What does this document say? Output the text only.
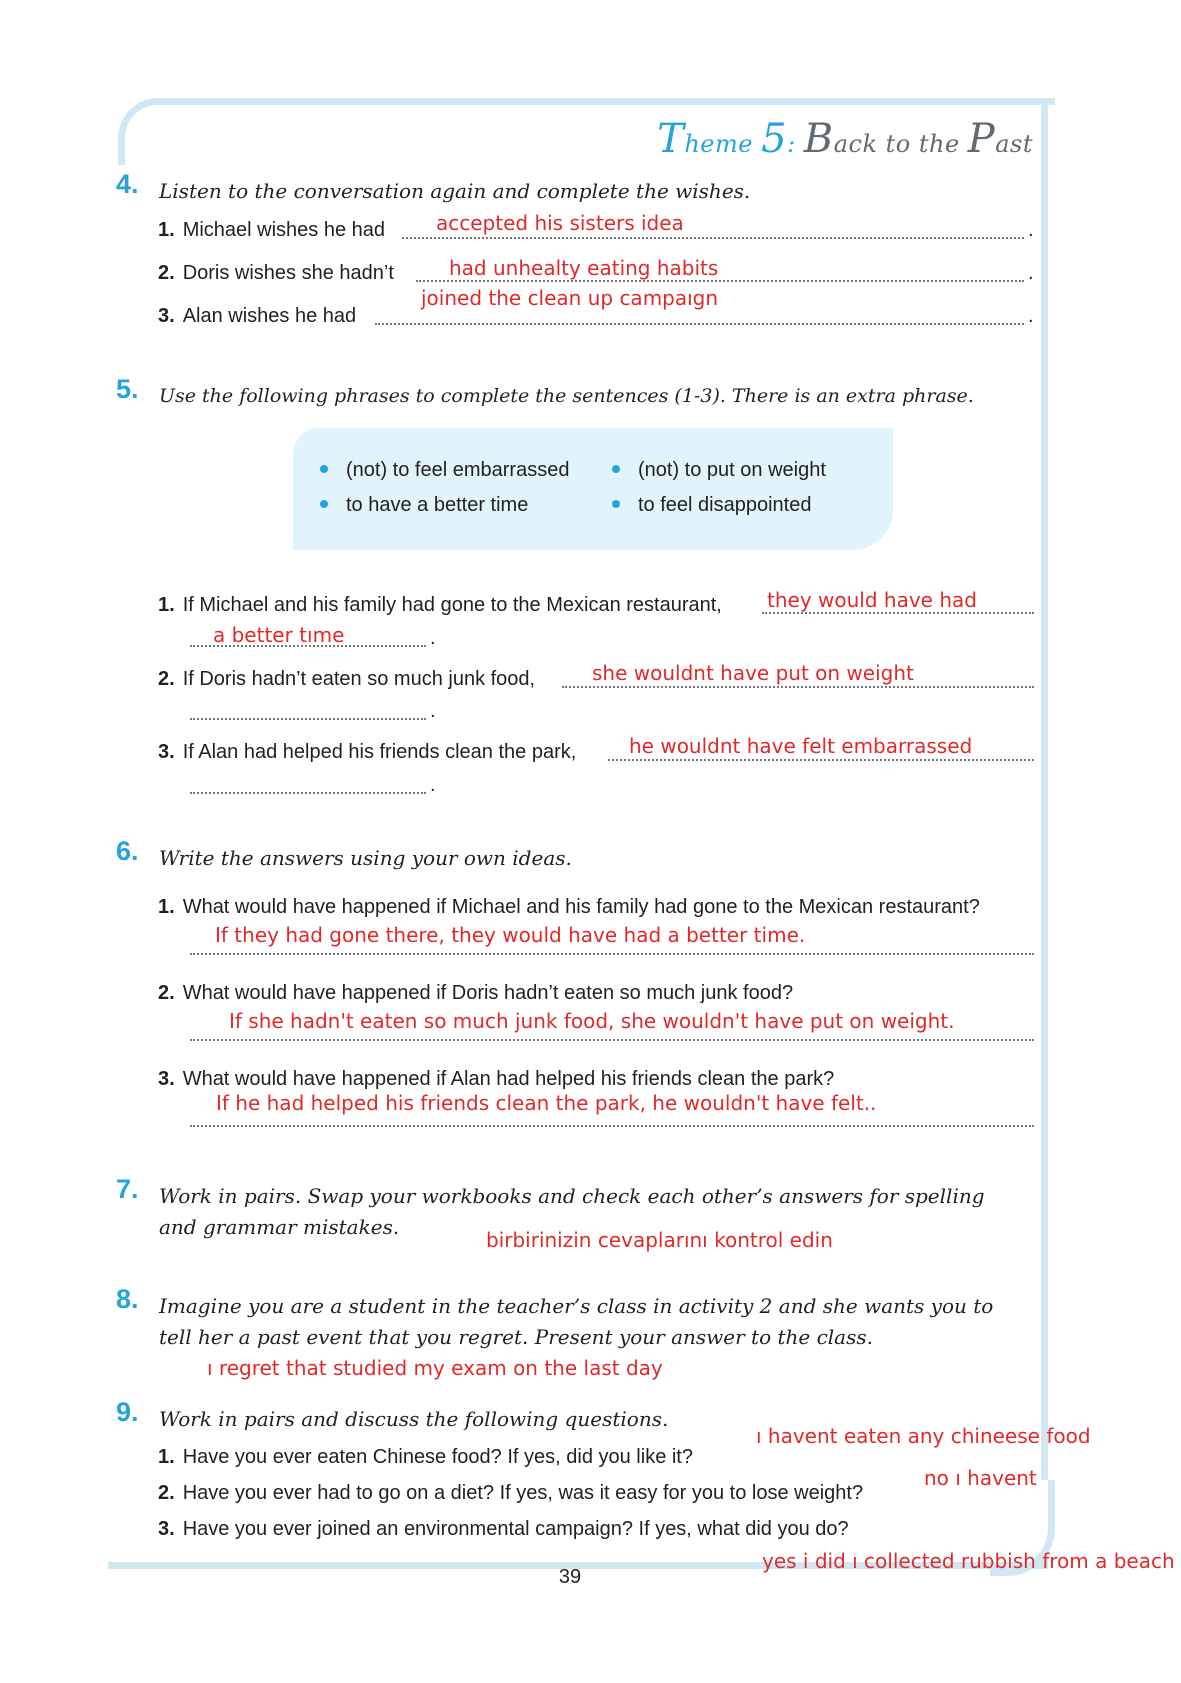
Theme 5: Back to the Past
4. Listen to the conversation again and complete the wishes.
1. Michael wishes he had	.
accepted his sisters idea
2. Doris wishes she hadn’t	.
had unhealty eating habits
3. Alan wishes he had	.
joined the clean up campaıgn
5. Use the following phrases to complete the sentences (1-3). There is an extra phrase.
(not) to feel embarrassed
to have a better time
(not) to put on weight
to feel disappointed
1. If Michael and his family had gone to the Mexican restaurant, they would have had
.
a better tıme
2. If Doris hadn’t eaten so much junk food,	she wouldnt have put on weight
.
3. If Alan had helped his friends clean the park,	he wouldnt have felt embarrassed
.
6. Write the answers using your own ideas.
1. What would have happened if Michael and his family had gone to the Mexican restaurant?
If they had gone there, they would have had a better time.
2. What would have happened if Doris hadn’t eaten so much junk food?
If she hadn't eaten so much junk food, she wouldn't have put on weight.
3. What would have happened if Alan had helped his friends clean the park?
If he had helped his friends clean the park, he wouldn't have felt..
7. Work in pairs. Swap your workbooks and check each other’s answers for spelling
and grammar mistakes.
birbirinizin cevaplarını kontrol edin
8. Imagine you are a student in the teacher’s class in activity 2 and she wants you to
tell her a past event that you regret. Present your answer to the class.
ı regret that studied my exam on the last day
9. Work in pairs and discuss the following questions.
1. Have you ever eaten Chinese food? If yes, did you like it?
ı havent eaten any chineese food
2. Have you ever had to go on a diet? If yes, was it easy for you to lose weight?
no ı havent
3. Have you ever joined an environmental campaign? If yes, what did you do?
yes i did ı collected rubbish from a beach
39
